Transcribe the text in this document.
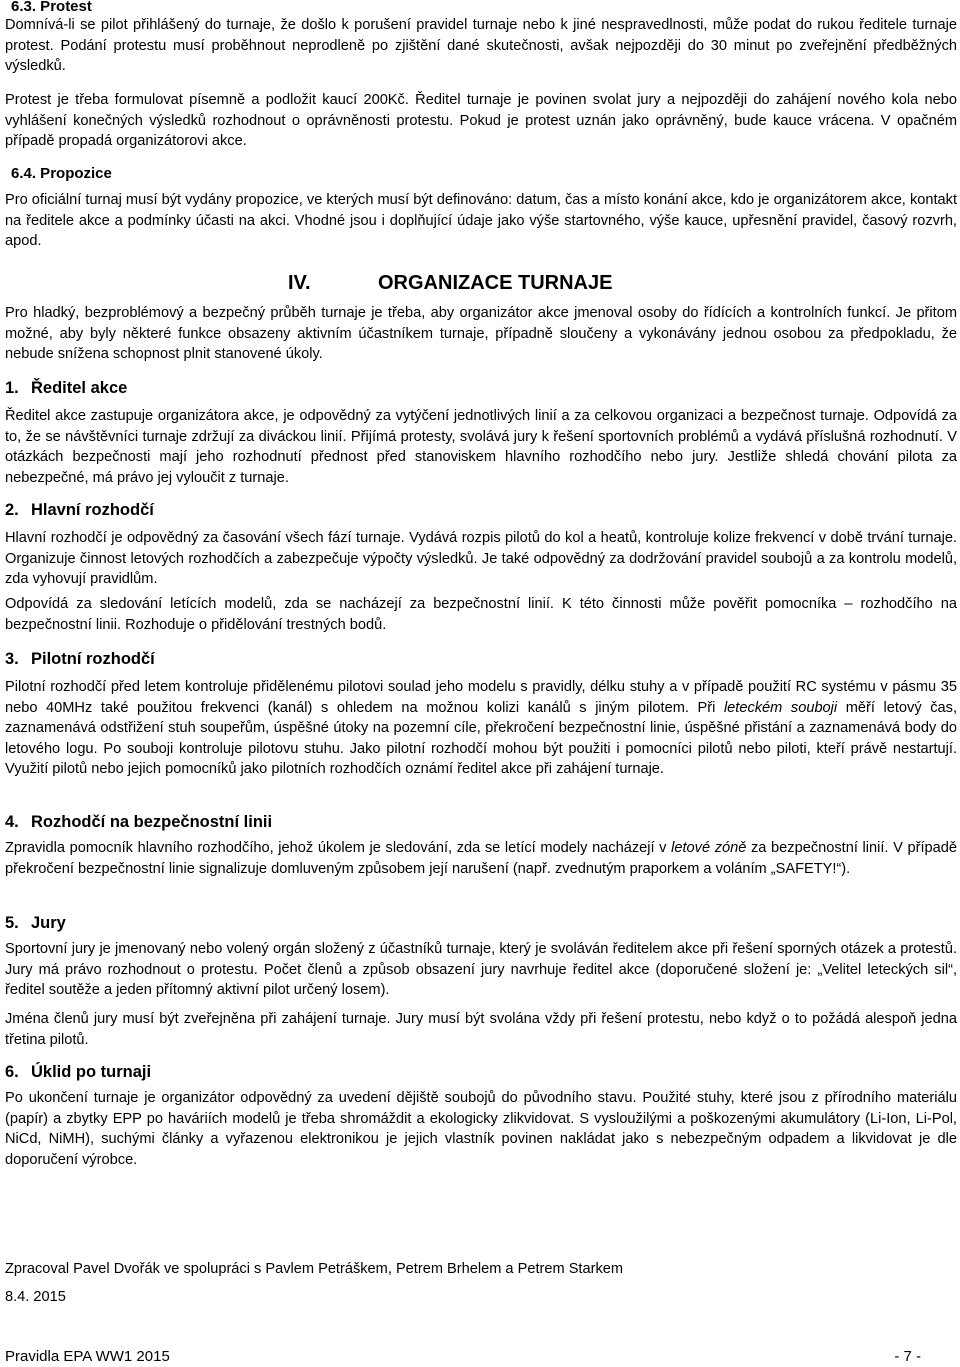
6.3. Protest

Domnívá-li se pilot přihlášený do turnaje, že došlo k porušení pravidel turnaje nebo k jiné nespravedlnosti, může podat do rukou ředitele turnaje protest. Podání protestu musí proběhnout neprodleně po zjištění dané skutečnosti, avšak nejpozději do 30 minut po zveřejnění předběžných výsledků.

Protest je třeba formulovat písemně a podložit kaucí 200Kč. Ředitel turnaje je povinen svolat jury a nejpozději do zahájení nového kola nebo vyhlášení konečných výsledků rozhodnout o oprávněnosti protestu. Pokud je protest uznán jako oprávněný, bude kauce vrácena. V opačném případě propadá organizátorovi akce.

6.4. Propozice

Pro oficiální turnaj musí být vydány propozice, ve kterých musí být definováno: datum, čas a místo konání akce, kdo je organizátorem akce, kontakt na ředitele akce a podmínky účasti na akci. Vhodné jsou i doplňující údaje jako výše startovného, výše kauce, upřesnění pravidel, časový rozvrh, apod.

IV.	ORGANIZACE TURNAJE

Pro hladký, bezproblémový a bezpečný průběh turnaje je třeba, aby organizátor akce jmenoval osoby do řídících a kontrolních funkcí. Je přitom možné, aby byly některé funkce obsazeny aktivním účastníkem turnaje, případně sloučeny a vykonávány jednou osobou za předpokladu, že nebude snížena schopnost plnit stanovené úkoly.

1. Ředitel akce

Ředitel akce zastupuje organizátora akce, je odpovědný za vytýčení jednotlivých linií a za celkovou organizaci a bezpečnost turnaje. Odpovídá za to, že se návštěvníci turnaje zdržují za diváckou linií. Přijímá protesty, svolává jury k řešení sportovních problémů a vydává příslušná rozhodnutí. V otázkách bezpečnosti mají jeho rozhodnutí přednost před stanoviskem hlavního rozhodčího nebo jury. Jestliže shledá chování pilota za nebezpečné, má právo jej vyloučit z turnaje.

2. Hlavní rozhodčí

Hlavní rozhodčí je odpovědný za časování všech fází turnaje. Vydává rozpis pilotů do kol a heatů, kontroluje kolize frekvencí v době trvání turnaje. Organizuje činnost letových rozhodčích a zabezpečuje výpočty výsledků. Je také odpovědný za dodržování pravidel soubojů a za kontrolu modelů, zda vyhovují pravidlům.

Odpovídá za sledování letících modelů, zda se nacházejí za bezpečnostní linií. K této činnosti může pověřit pomocníka – rozhodčího na bezpečnostní linii. Rozhoduje o přidělování trestných bodů.

3. Pilotní rozhodčí

Pilotní rozhodčí před letem kontroluje přidělenému pilotovi soulad jeho modelu s pravidly, délku stuhy a v případě použití RC systému v pásmu 35 nebo 40MHz také použitou frekvenci (kanál) s ohledem na možnou kolizi kanálů s jiným pilotem. Při leteckém souboji měří letový čas, zaznamenává odstřižení stuh soupeřům, úspěšné útoky na pozemní cíle, překročení bezpečnostní linie, úspěšné přistání a zaznamenává body do letového logu. Po souboji kontroluje pilotovu stuhu. Jako pilotní rozhodčí mohou být použiti i pomocníci pilotů nebo piloti, kteří právě nestartují. Využití pilotů nebo jejich pomocníků jako pilotních rozhodčích oznámí ředitel akce při zahájení turnaje.

4. Rozhodčí na bezpečnostní linii

Zpravidla pomocník hlavního rozhodčího, jehož úkolem je sledování, zda se letící modely nacházejí v letové zóně za bezpečnostní linií. V případě překročení bezpečnostní linie signalizuje domluveným způsobem její narušení (např. zvednutým praporkem a voláním „SAFETY!“).

5. Jury

Sportovní jury je jmenovaný nebo volený orgán složený z účastníků turnaje, který je svoláván ředitelem akce při řešení sporných otázek a protestů. Jury má právo rozhodnout o protestu. Počet členů a způsob obsazení jury navrhuje ředitel akce (doporučené složení je: „Velitel leteckých sil“, ředitel soutěže a jeden přítomný aktivní pilot určený losem).

Jména členů jury musí být zveřejněna při zahájení turnaje. Jury musí být svolána vždy při řešení protestu, nebo když o to požádá alespoň jedna třetina pilotů.

6. Úklid po turnaji

Po ukončení turnaje je organizátor odpovědný za uvedení dějiště soubojů do původního stavu. Použité stuhy, které jsou z přírodního materiálu (papír) a zbytky EPP po haváriích modelů je třeba shromáždit a ekologicky zlikvidovat. S vysloužilými a poškozenými akumulátory (Li-Ion, Li-Pol, NiCd, NiMH), suchými články a vyřazenou elektronikou je jejich vlastník povinen nakládat jako s nebezpečným odpadem a likvidovat je dle doporučení výrobce.

Zpracoval Pavel Dvořák ve spolupráci s Pavlem Petráškem, Petrem Brhelem a Petrem Starkem
8.4. 2015
Pravidla EPA WW1 2015	- 7 -
